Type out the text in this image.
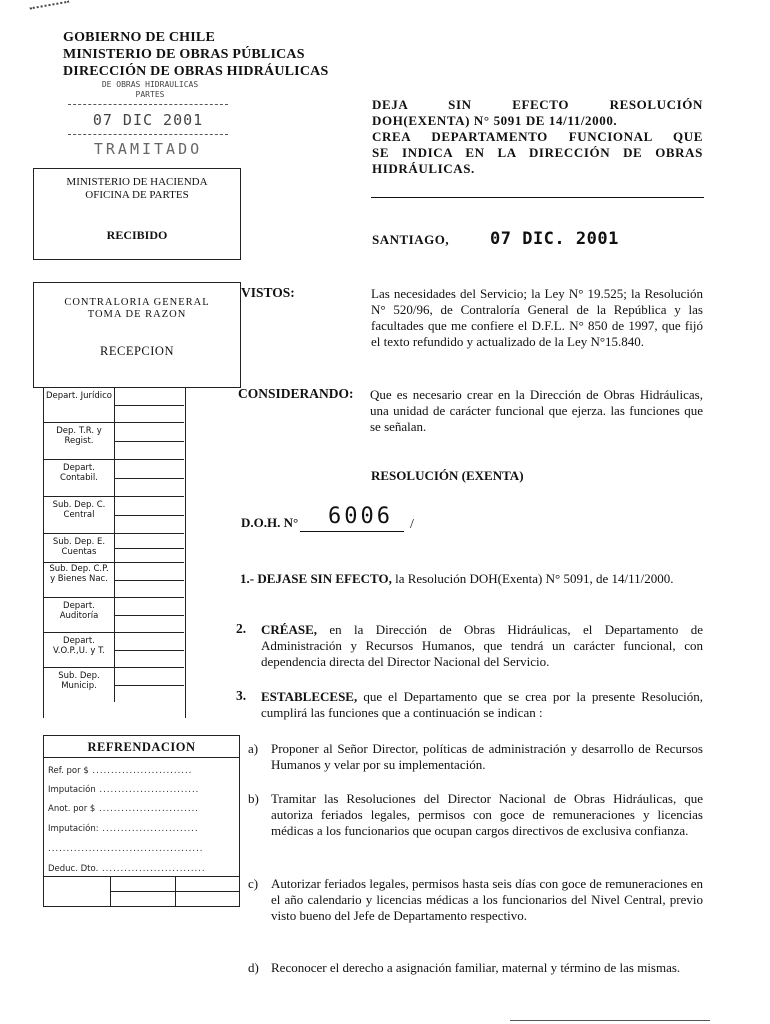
GOBIERNO DE CHILE
MINISTERIO DE OBRAS PÚBLICAS
DIRECCIÓN DE OBRAS HIDRÁULICAS
DE OBRAS HIDRAULICAS
PARTES
07 DIC 2001
TRAMITADO
MINISTERIO DE HACIENDA
OFICINA DE PARTES
RECIBIDO
CONTRALORIA GENERAL
TOMA DE RAZON
RECEPCION
Depart. Jurídico
Dep. T.R. y Regist.
Depart. Contabil.
Sub. Dep. C. Central
Sub. Dep. E. Cuentas
Sub. Dep. C.P. y Bienes Nac.
Depart. Auditoría
Depart. V.O.P.,U. y T.
Sub. Dep. Municip.
REFRENDACION
Ref. por $ ...........................
Imputación ...........................
Anot. por $ ...........................
Imputación: ..........................
..........................................
Deduc. Dto. ............................
DEJA SIN EFECTO RESOLUCIÓN
DOH(EXENTA) N° 5091 DE 14/11/2000.
CREA DEPARTAMENTO FUNCIONAL QUE
SE INDICA EN LA DIRECCIÓN DE OBRAS
HIDRÁULICAS.
SANTIAGO, 07 DIC. 2001
VISTOS:	Las necesidades del Servicio; la Ley N° 19.525; la Resolución N° 520/96, de Contraloría General de la República y las facultades que me confiere el D.F.L. N° 850 de 1997, que fijó el texto refundido y actualizado de la Ley N°15.840.
CONSIDERANDO: Que es necesario crear en la Dirección de Obras Hidráulicas, una unidad de carácter funcional que ejerza. las funciones que se señalan.
RESOLUCIÓN (EXENTA)
D.O.H. N° 6006 /
1.- DEJASE SIN EFECTO, la Resolución DOH(Exenta) N° 5091, de 14/11/2000.
2. CRÉASE, en la Dirección de Obras Hidráulicas, el Departamento de Administración y Recursos Humanos, que tendrá un carácter funcional, con dependencia directa del Director Nacional del Servicio.
3. ESTABLECESE, que el Departamento que se crea por la presente Resolución, cumplirá las funciones que a continuación se indican :
a) Proponer al Señor Director, políticas de administración y desarrollo de Recursos Humanos y velar por su implementación.
b) Tramitar las Resoluciones del Director Nacional de Obras Hidráulicas, que autoriza feriados legales, permisos con goce de remuneraciones y licencias médicas a los funcionarios que ocupan cargos directivos de exclusiva confianza.
c) Autorizar feriados legales, permisos hasta seis días con goce de remuneraciones en el año calendario y licencias médicas a los funcionarios del Nivel Central, previo visto bueno del Jefe de Departamento respectivo.
d) Reconocer el derecho a asignación familiar, maternal y término de las mismas.
